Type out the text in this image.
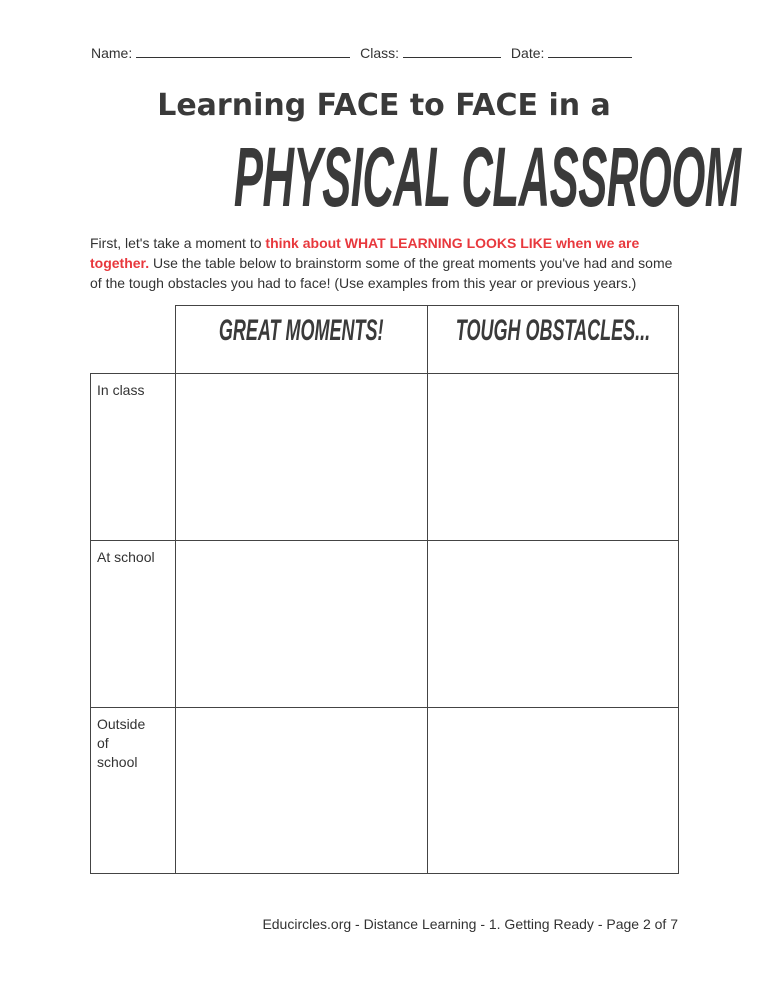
Name:	Class:	Date:
Learning FACE to FACE in a
PHYSICAL CLASSROOM
First, let's take a moment to think about WHAT LEARNING LOOKS LIKE when we are together. Use the table below to brainstorm some of the great moments you've had and some of the tough obstacles you had to face! (Use examples from this year or previous years.)
GREAT MOMENTS! TOUGH OBSTACLES...
In class
At school
Outside of school
Educircles.org - Distance Learning - 1. Getting Ready - Page 2 of 7
